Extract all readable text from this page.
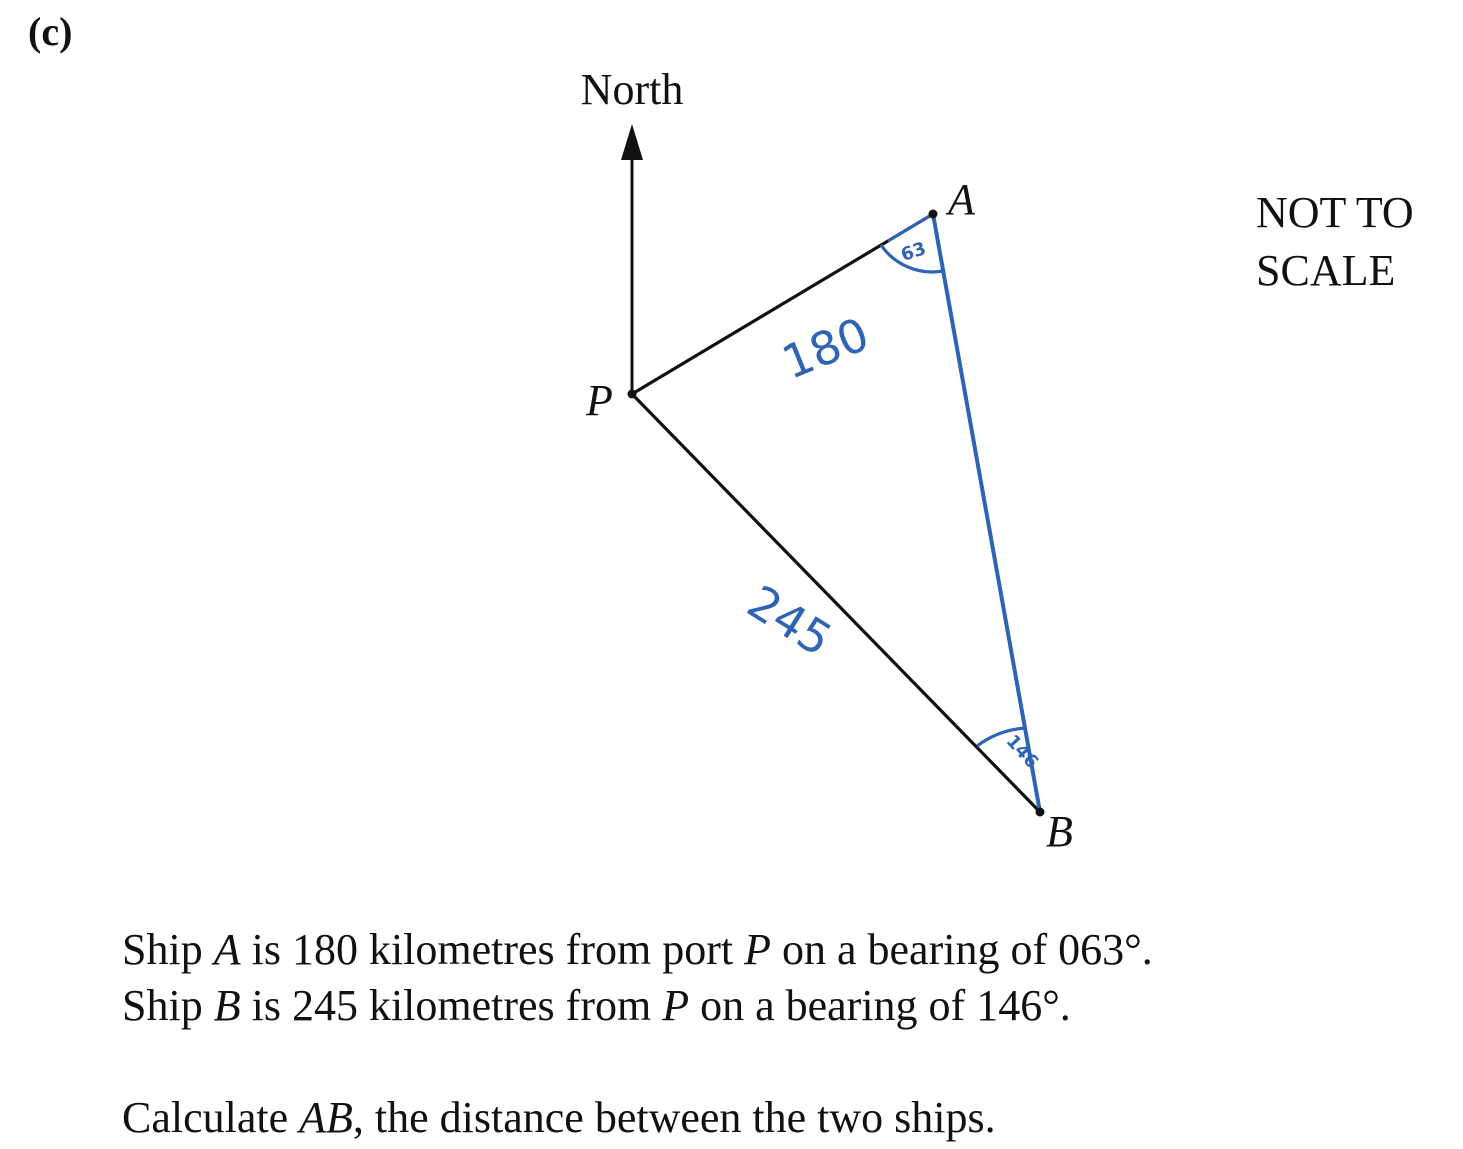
(c)
North
63
146
180
245
P
A
B
NOT TO
SCALE

Ship A is 180 kilometres from port P on a bearing of 063°.

Ship B is 245 kilometres from P on a bearing of 146°.

Calculate AB, the distance between the two ships.
